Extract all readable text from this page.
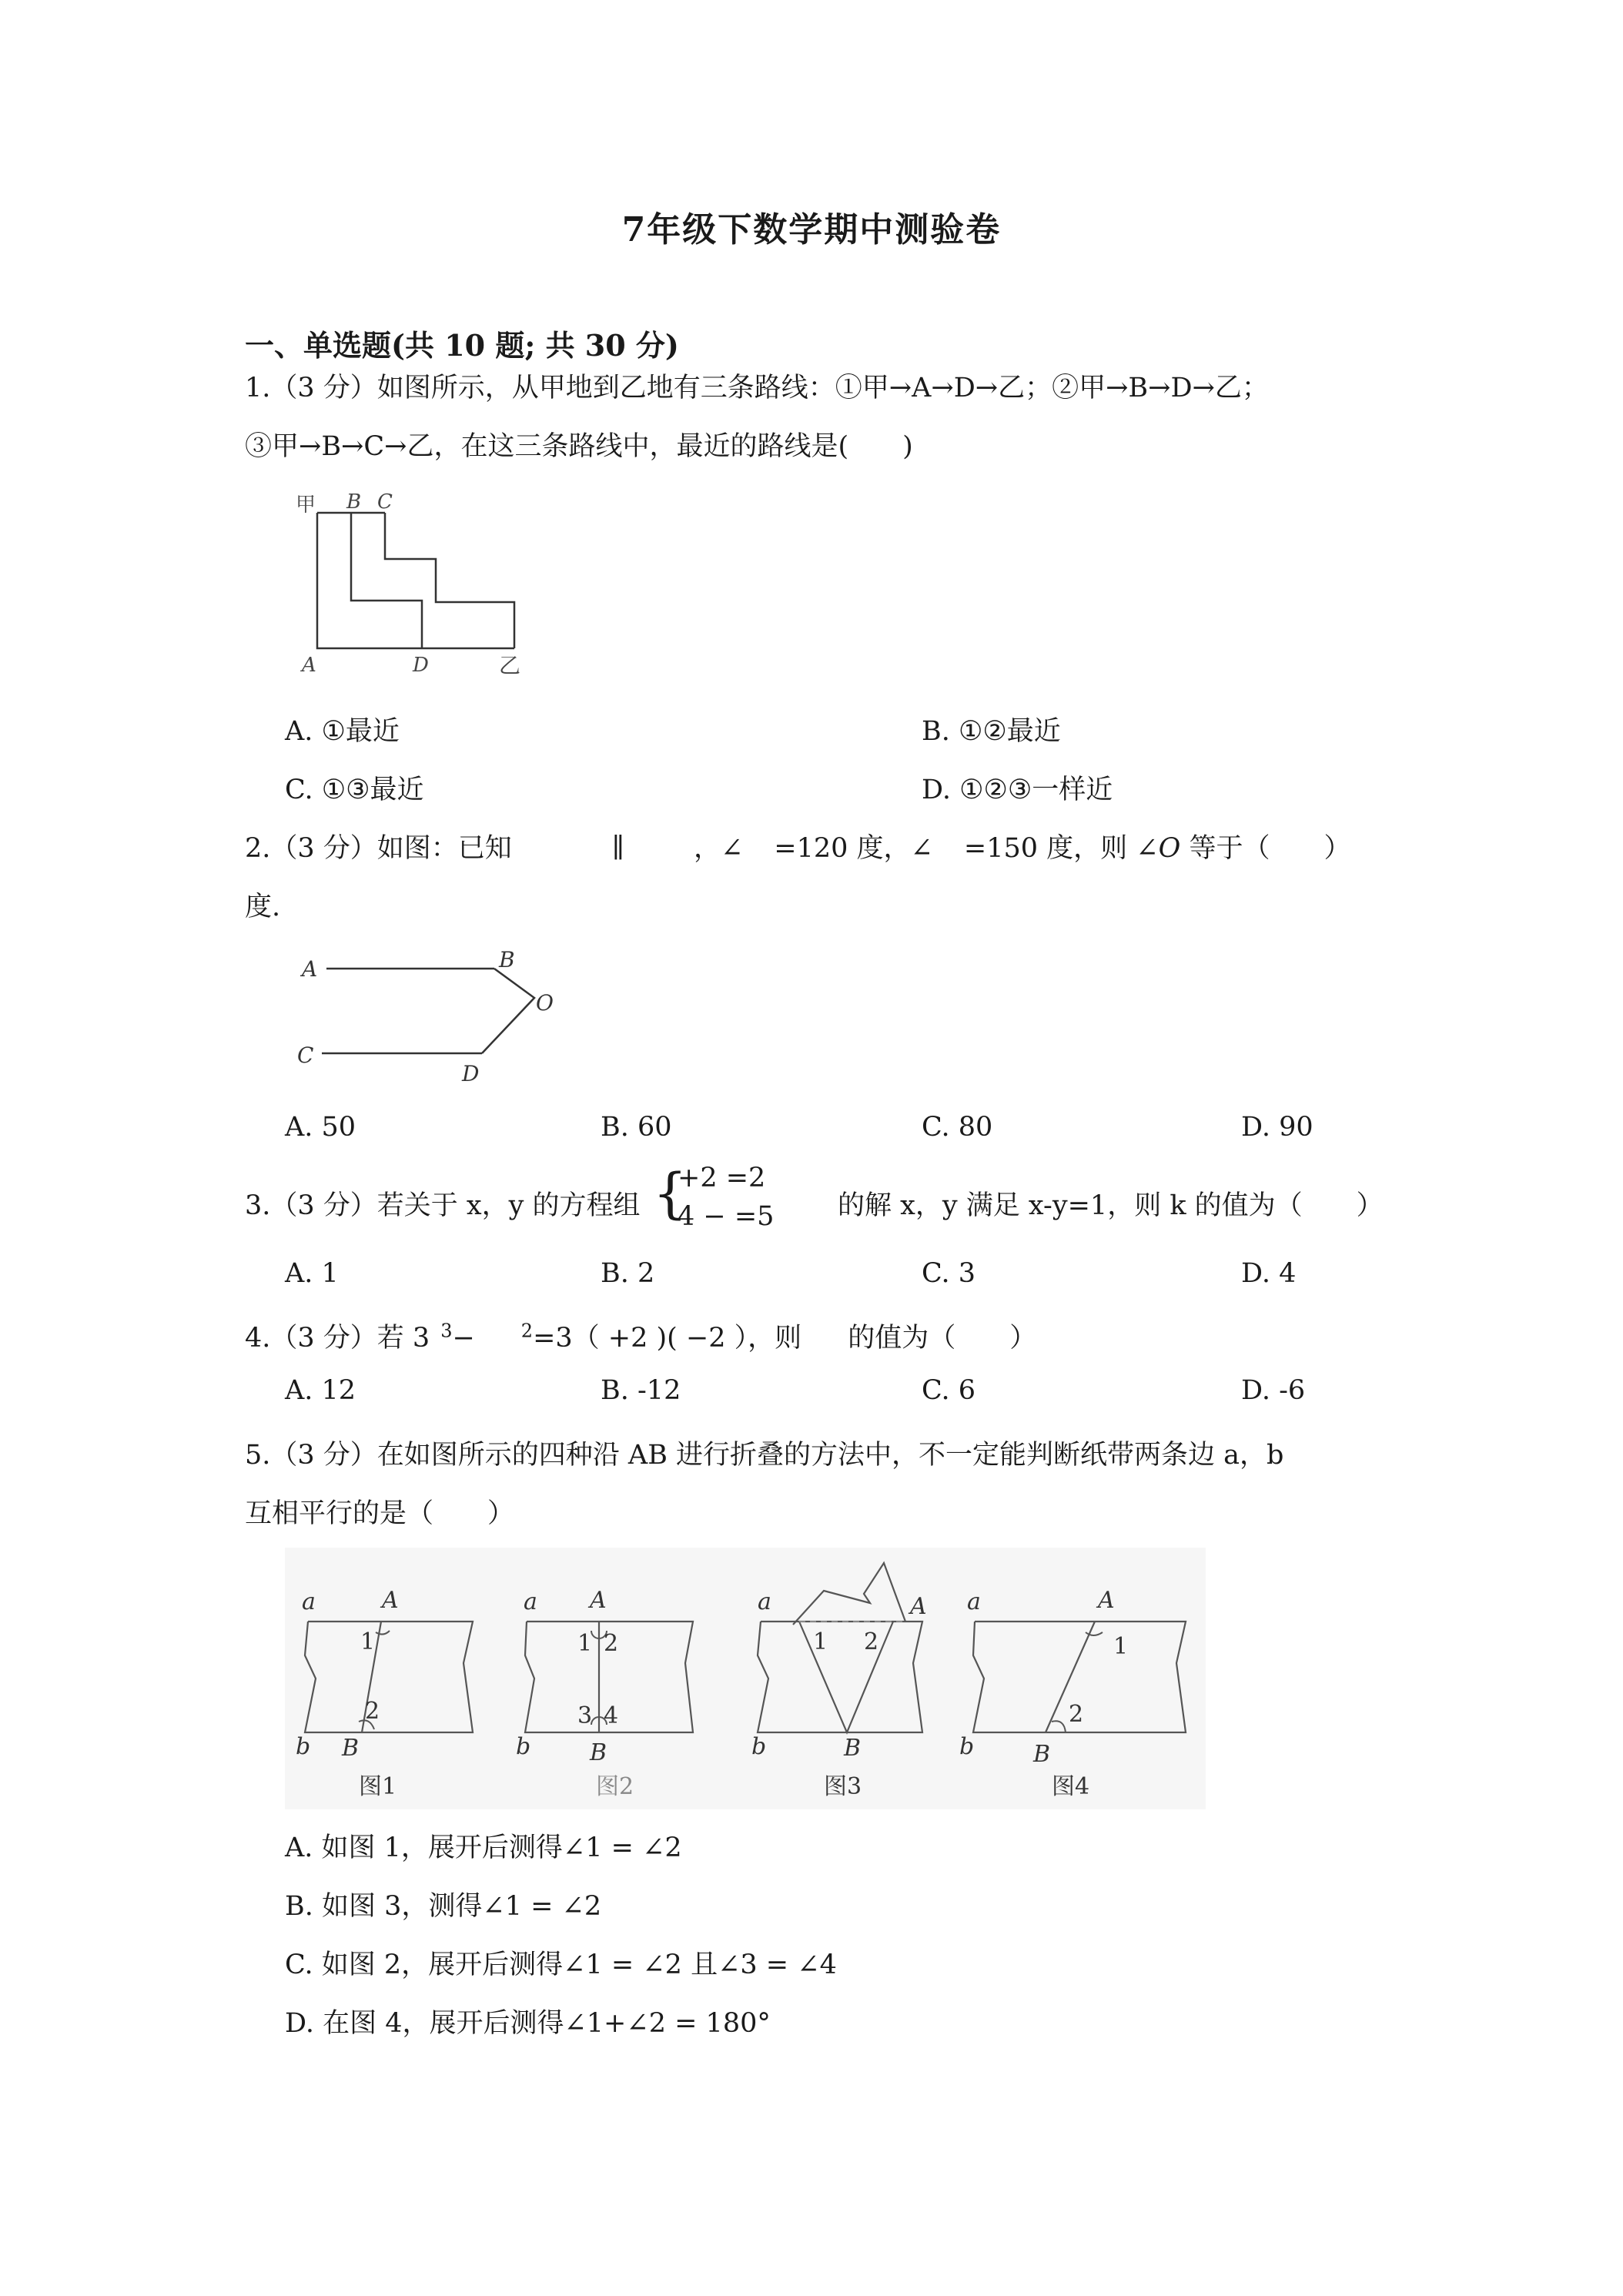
7年级下数学期中测验卷
一、单选题(共 10 题; 共 30 分)
1.（3 分）如图所示，从甲地到乙地有三条路线：①甲→A→D→乙；②甲→B→D→乙；
③甲→B→C→乙，在这三条路线中，最近的路线是(　　)
甲 B C
A	D	乙
A. ①最近	B. ①②最近
C. ①③最近	D. ①②③一样近
2.（3 分）如图：已知	∥	，∠ =120 度，∠ =150 度，则 ∠O 等于（　　）
度.
A	B
C
D
O
A. 50	B. 60	C. 80	D. 90
3.（3 分）若关于 x，y 的方程组 {
+2 =2
4 − =5 的解 x，y 满足 x-y=1，则 k 的值为（　　）
A. 1	B. 2	C. 3	D. 4
4.（3 分）若 3 $^3$−	$^2$=3（ +2 )( −2 ），则 的值为（　　）
A. 12	B. -12	C. 6	D. -6
5.（3 分）在如图所示的四种沿 AB 进行折叠的方法中，不一定能判断纸带两条边 a，b
互相平行的是（　　）
a	A
1
2
b B
图1
a A
1 2
3 4
b	B
图2
a	A
1 2
b	B
图3
a	A
1
2
b	B
图4
A. 如图 1，展开后测得∠1 = ∠2
B. 如图 3，测得∠1 = ∠2
C. 如图 2，展开后测得∠1 = ∠2 且∠3 = ∠4
D. 在图 4，展开后测得∠1+∠2 = 180°
